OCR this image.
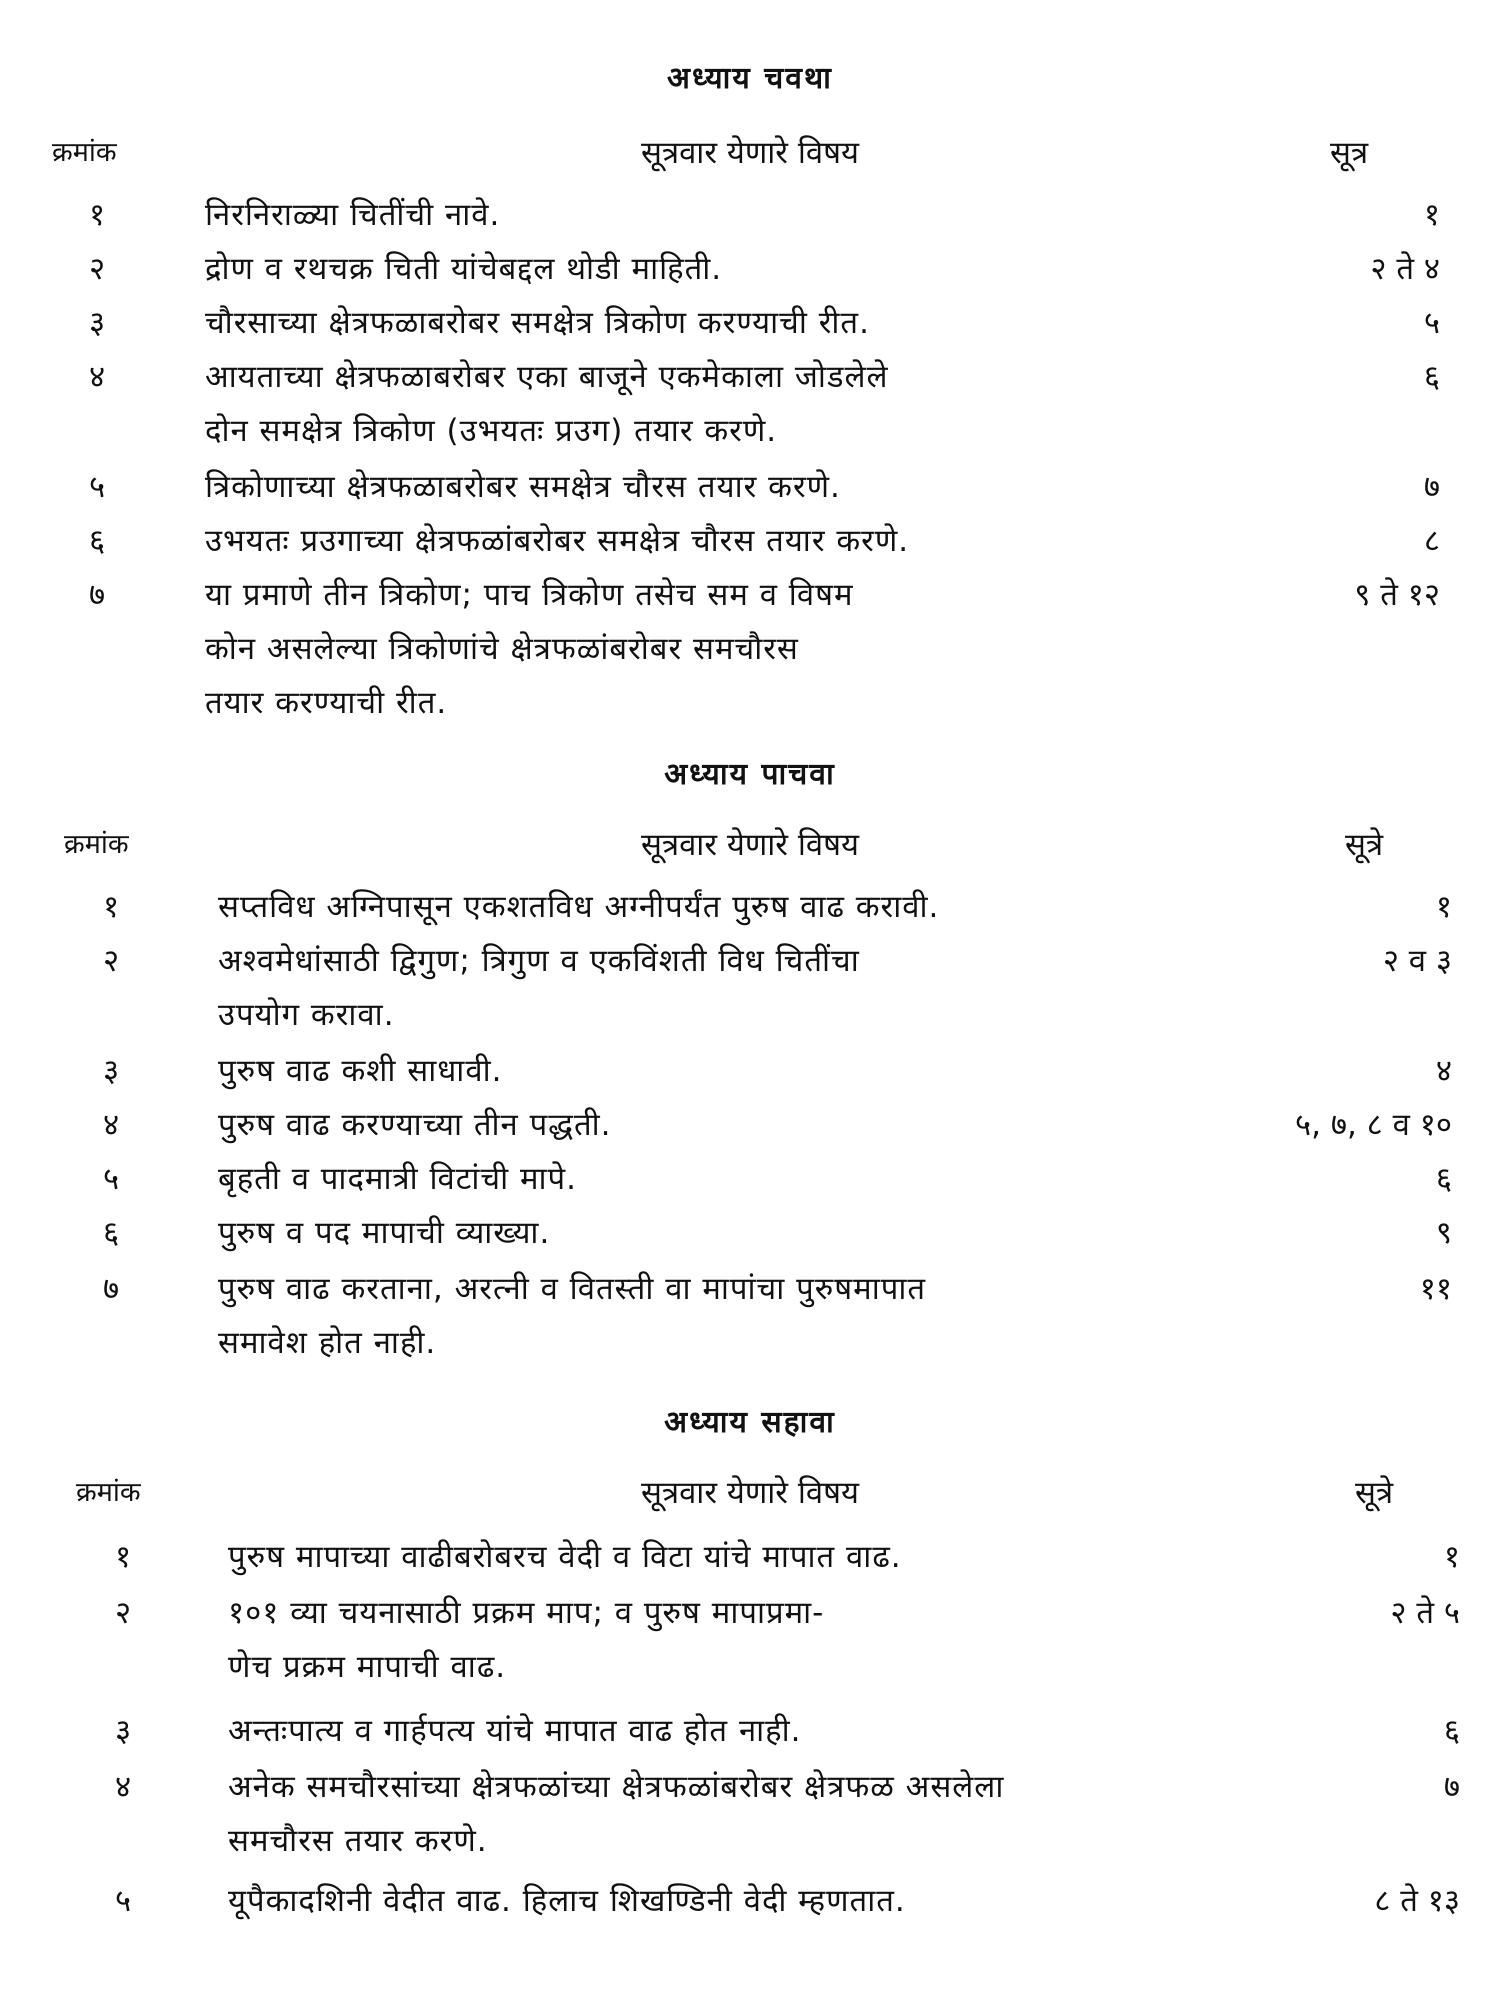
अध्याय चवथा
क्रमांक	सूत्रवार येणारे विषय	सूत्र
१	निरनिराळ्या चितींची नावे.	१
२	द्रोण व रथचक्र चिती यांचेबद्दल थोडी माहिती.	२ ते ४
३	चौरसाच्या क्षेत्रफळाबरोबर समक्षेत्र त्रिकोण करण्याची रीत.	५
४	आयताच्या क्षेत्रफळाबरोबर एका बाजूने एकमेकाला जोडलेले	६
दोन समक्षेत्र त्रिकोण (उभयतः प्रउग) तयार करणे.
५	त्रिकोणाच्या क्षेत्रफळाबरोबर समक्षेत्र चौरस तयार करणे.	७
६	उभयतः प्रउगाच्या क्षेत्रफळांबरोबर समक्षेत्र चौरस तयार करणे.	८
७	या प्रमाणे तीन त्रिकोण; पाच त्रिकोण तसेच सम व विषम	९ ते १२
कोन असलेल्या त्रिकोणांचे क्षेत्रफळांबरोबर समचौरस
तयार करण्याची रीत.
अध्याय पाचवा
क्रमांक	सूत्रवार येणारे विषय	सूत्रे
१	सप्तविध अग्निपासून एकशतविध अग्नीपर्यंत पुरुष वाढ करावी.	१
२	अश्वमेधांसाठी द्विगुण; त्रिगुण व एकविंशती विध चितींचा	२ व ३
उपयोग करावा.
३	पुरुष वाढ कशी साधावी.	४
४	पुरुष वाढ करण्याच्या तीन पद्धती.	५, ७, ८ व १०
५	बृहती व पादमात्री विटांची मापे.	६
६	पुरुष व पद मापाची व्याख्या.	९
७	पुरुष वाढ करताना, अरत्नी व वितस्ती वा मापांचा पुरुषमापात	११
समावेश होत नाही.
अध्याय सहावा
क्रमांक	सूत्रवार येणारे विषय	सूत्रे
१	पुरुष मापाच्या वाढीबरोबरच वेदी व विटा यांचे मापात वाढ.	१
२	१०१ व्या चयनासाठी प्रक्रम माप; व पुरुष मापाप्रमा-	२ ते ५
णेच प्रक्रम मापाची वाढ.
३	अन्तःपात्य व गार्हपत्य यांचे मापात वाढ होत नाही.	६
४	अनेक समचौरसांच्या क्षेत्रफळांच्या क्षेत्रफळांबरोबर क्षेत्रफळ असलेला	७
समचौरस तयार करणे.
५	यूपैकादशिनी वेदीत वाढ. हिलाच शिखण्डिनी वेदी म्हणतात.	८ ते १३
